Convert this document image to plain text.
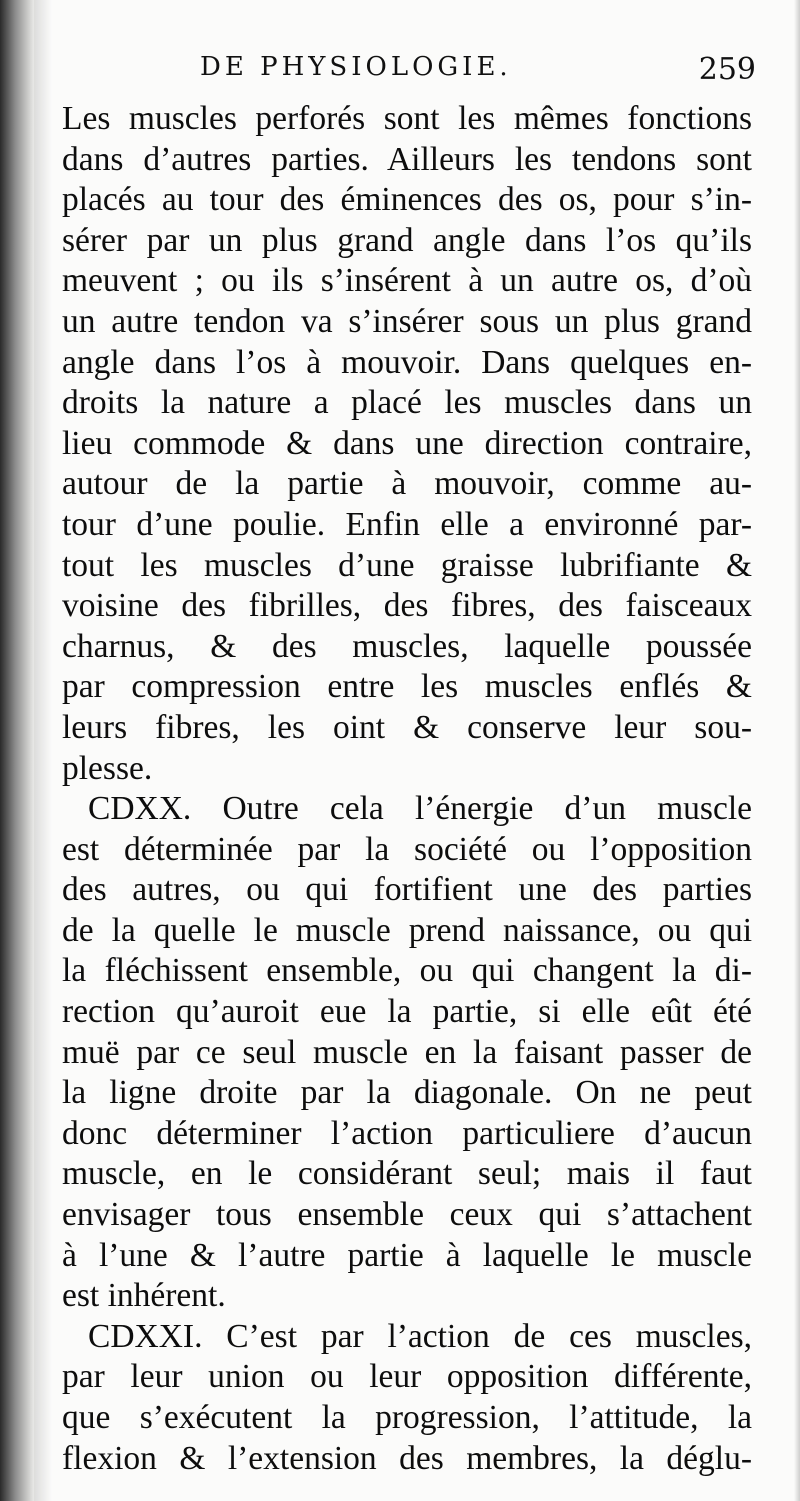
DE PHYSIOLOGIE.	259
Les muscles perforés sont les mêmes fonctions
dans d’autres parties. Ailleurs les tendons sont
placés au tour des éminences des os, pour s’in-
sérer par un plus grand angle dans l’os qu’ils
meuvent ; ou ils s’insérent à un autre os, d’où
un autre tendon va s’insérer sous un plus grand
angle dans l’os à mouvoir. Dans quelques en-
droits la nature a placé les muscles dans un
lieu commode & dans une direction contraire,
autour de la partie à mouvoir, comme au-
tour d’une poulie. Enfin elle a environné par-
tout les muscles d’une graisse lubrifiante &
voisine des fibrilles, des fibres, des faisceaux
charnus, & des muscles, laquelle poussée
par compression entre les muscles enflés &
leurs fibres, les oint & conserve leur sou-
plesse.
CDXX. Outre cela l’énergie d’un muscle
est déterminée par la société ou l’opposition
des autres, ou qui fortifient une des parties
de la quelle le muscle prend naissance, ou qui
la fléchissent ensemble, ou qui changent la di-
rection qu’auroit eue la partie, si elle eût été
muë par ce seul muscle en la faisant passer de
la ligne droite par la diagonale. On ne peut
donc déterminer l’action particuliere d’aucun
muscle, en le considérant seul; mais il faut
envisager tous ensemble ceux qui s’attachent
à l’une & l’autre partie à laquelle le muscle
est inhérent.
CDXXI. C’est par l’action de ces muscles,
par leur union ou leur opposition différente,
que s’exécutent la progression, l’attitude, la
flexion & l’extension des membres, la déglu-
